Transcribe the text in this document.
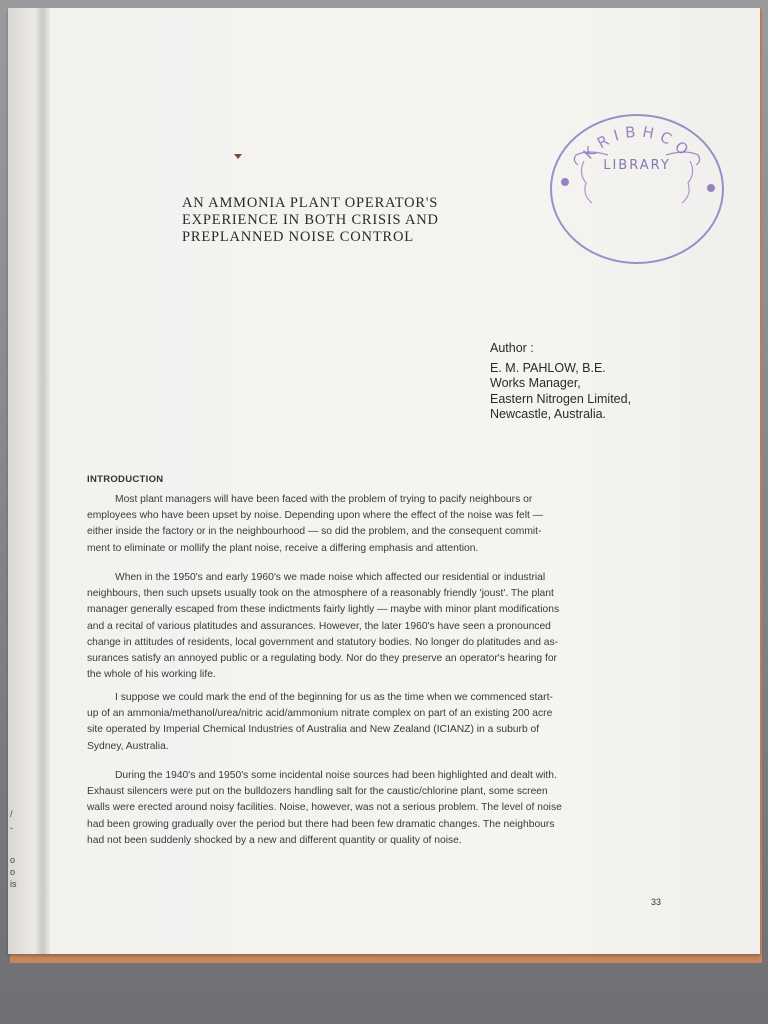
/
-
o
o
is
AN AMMONIA PLANT OPERATOR'S
EXPERIENCE IN BOTH CRISIS AND
PREPLANNED NOISE CONTROL
KRIBHCO
LIBRARY
Author :
E. M. PAHLOW, B.E.
Works Manager,
Eastern Nitrogen Limited,
Newcastle, Australia.
INTRODUCTION
Most plant managers will have been faced with the problem of trying to pacify neighbours or
employees who have been upset by noise. Depending upon where the effect of the noise was felt —
either inside the factory or in the neighbourhood — so did the problem, and the consequent commit-
ment to eliminate or mollify the plant noise, receive a differing emphasis and attention.
When in the 1950's and early 1960's we made noise which affected our residential or industrial
neighbours, then such upsets usually took on the atmosphere of a reasonably friendly 'joust'. The plant
manager generally escaped from these indictments fairly lightly — maybe with minor plant modifications
and a recital of various platitudes and assurances. However, the later 1960's have seen a pronounced
change in attitudes of residents, local government and statutory bodies. No longer do platitudes and as-
surances satisfy an annoyed public or a regulating body. Nor do they preserve an operator's hearing for
the whole of his working life.
I suppose we could mark the end of the beginning for us as the time when we commenced start-
up of an ammonia/methanol/urea/nitric acid/ammonium nitrate complex on part of an existing 200 acre
site operated by Imperial Chemical Industries of Australia and New Zealand (ICIANZ) in a suburb of
Sydney, Australia.
During the 1940's and 1950's some incidental noise sources had been highlighted and dealt with.
Exhaust silencers were put on the bulldozers handling salt for the caustic/chlorine plant, some screen
walls were erected around noisy facilities. Noise, however, was not a serious problem. The level of noise
had been growing gradually over the period but there had been few dramatic changes. The neighbours
had not been suddenly shocked by a new and different quantity or quality of noise.
33
